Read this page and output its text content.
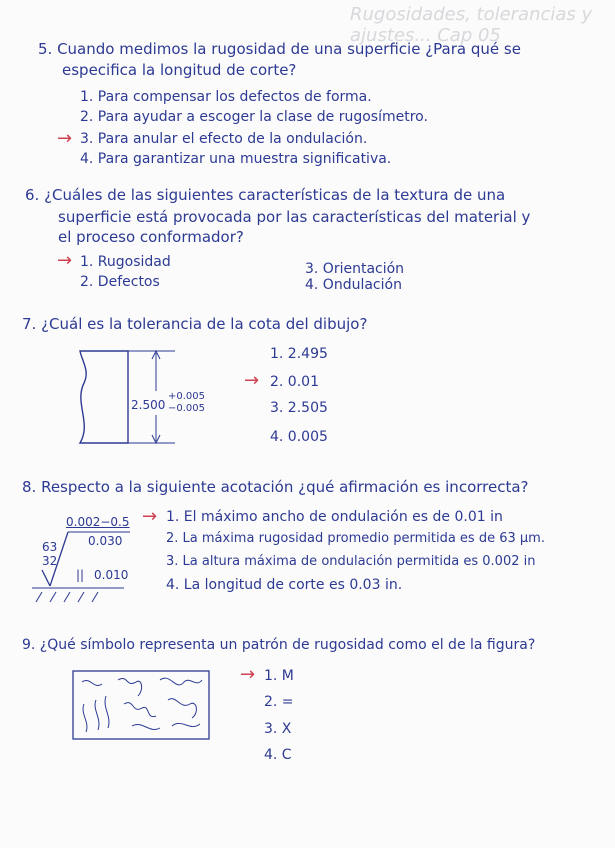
Rugosidades, tolerancias y ajustes... Cap 05
5. Cuando medimos la rugosidad de una superficie ¿Para qué se
especifica la longitud de corte?
1. Para compensar los defectos de forma.
2. Para ayudar a escoger la clase de rugosímetro.
→ 3. Para anular el efecto de la ondulación.
4. Para garantizar una muestra significativa.
6. ¿Cuáles de las siguientes características de la textura de una
superficie está provocada por las características del material y
el proceso conformador?
→ 1. Rugosidad
2. Defectos
3. Orientación
4. Ondulación
7. ¿Cuál es la tolerancia de la cota del dibujo?
2.500
+0.005
−0.005
1. 2.495
→ 2. 0.01
3. 2.505
4. 0.005
8. Respecto a la siguiente acotación ¿qué afirmación es incorrecta?
0.002−0.5
0.030
63
32
|| 0.010
→ 1. El máximo ancho de ondulación es de 0.01 in
2. La máxima rugosidad promedio permitida es de 63 μm.
3. La altura máxima de ondulación permitida es 0.002 in
4. La longitud de corte es 0.03 in.
9. ¿Qué símbolo representa un patrón de rugosidad como el de la figura?
→ 1. M
2. =
3. X
4. C
